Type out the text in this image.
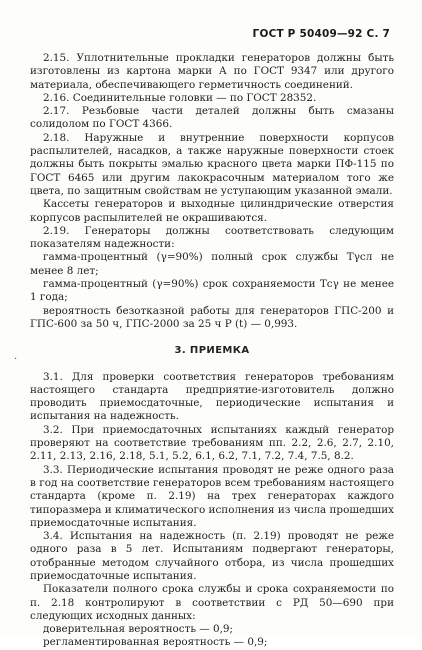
ГОСТ Р 50409—92 С. 7

2.15. Уплотнительные прокладки генераторов должны быть изготовлены из картона марки А по ГОСТ 9347 или другого материала, обеспечивающего герметичность соединений.

2.16. Соединительные головки — по ГОСТ 28352.

2.17. Резьбовые части деталей должны быть смазаны солидолом по ГОСТ 4366.

2.18. Наружные и внутренние поверхности корпусов распылителей, насадков, а также наружные поверхности стоек должны быть покрыты эмалью красного цвета марки ПФ-115 по ГОСТ 6465 или другим лакокрасочным материалом того же цвета, по защитным свойствам не уступающим указанной эмали.

Кассеты генераторов и выходные цилиндрические отверстия корпусов распылителей не окрашиваются.

2.19. Генераторы должны соответствовать следующим показателям надежности:

гамма-процентный (γ=90%) полный срок службы Tγсл не менее 8 лет;

гамма-процентный (γ=90%) срок сохраняемости Tсγ не менее 1 года;

вероятность безотказной работы для генераторов ГПС-200 и ГПС-600 за 50 ч, ГПС-2000 за 25 ч P (t) — 0,993.

3. ПРИЕМКА

3.1. Для проверки соответствия генераторов требованиям настоящего стандарта предприятие-изготовитель должно проводить приемосдаточные, периодические испытания и испытания на надежность.

3.2. При приемосдаточных испытаниях каждый генератор проверяют на соответствие требованиям пп. 2.2, 2.6, 2.7, 2.10, 2.11, 2.13, 2.16, 2.18, 5.1, 5.2, 6.1, 6.2, 7.1, 7.2, 7.4, 7.5, 8.2.

3.3. Периодические испытания проводят не реже одного раза в год на соответствие генераторов всем требованиям настоящего стандарта (кроме п. 2.19) на трех генераторах каждого типоразмера и климатического исполнения из числа прошедших приемосдаточные испытания.

3.4. Испытания на надежность (п. 2.19) проводят не реже одного раза в 5 лет. Испытаниям подвергают генераторы, отобранные методом случайного отбора, из числа прошедших приемосдаточные испытания.

Показатели полного срока службы и срока сохраняемости по п. 2.18 контролируют в соответствии с РД 50—690 при следующих исходных данных:

доверительная вероятность — 0,9;

регламентированная вероятность — 0,9;

·
